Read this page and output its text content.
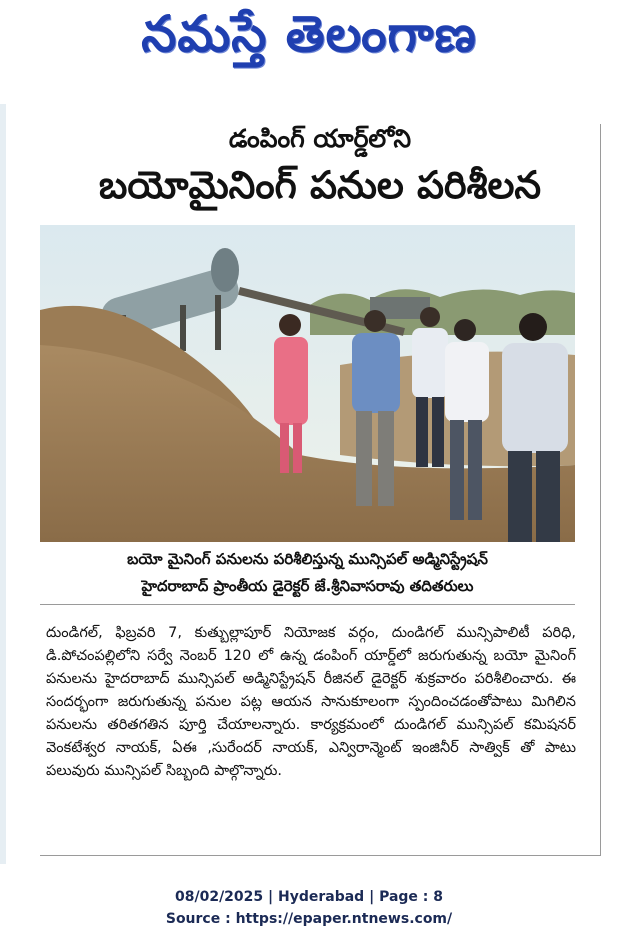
నమస్తే తెలంగాణ
డంపింగ్ యార్డ్‌లోని
బయోమైనింగ్ పనుల పరిశీలన
బయో మైనింగ్ పనులను పరిశీలిస్తున్న మున్సిపల్ అడ్మినిస్ట్రేషన్
హైదరాబాద్ ప్రాంతీయ డైరెక్టర్ జే.శ్రీనివాసరావు తదితరులు

దుండిగల్, ఫిబ్రవరి 7, కుత్బుల్లాపూర్ నియోజక వర్గం, దుండిగల్ మున్సిపాలిటీ పరిధి, డి.పోచంపల్లిలోని సర్వే నెంబర్ 120 లో ఉన్న డంపింగ్ యార్డ్‌లో జరుగుతున్న బయో మైనింగ్ పనులను హైదరాబాద్ మున్సిపల్ అడ్మినిస్ట్రేషన్ రీజినల్ డైరెక్టర్ శుక్రవారం పరిశీలించారు. ఈ సందర్భంగా జరుగుతున్న పనుల పట్ల ఆయన సానుకూలంగా స్పందించడంతోపాటు మిగిలిన పనులను తరితగతిన పూర్తి చేయాలన్నారు. కార్యక్రమంలో దుండిగల్ మున్సిపల్ కమిషనర్ వెంకటేశ్వర నాయక్, ఏఈ ,సురేందర్ నాయక్, ఎన్విరాన్మెంట్ ఇంజినీర్ సాత్విక్ తో పాటు పలువురు మున్సిపల్ సిబ్బంది పాల్గొన్నారు.

08/02/2025 | Hyderabad | Page : 8
Source : https://epaper.ntnews.com/
